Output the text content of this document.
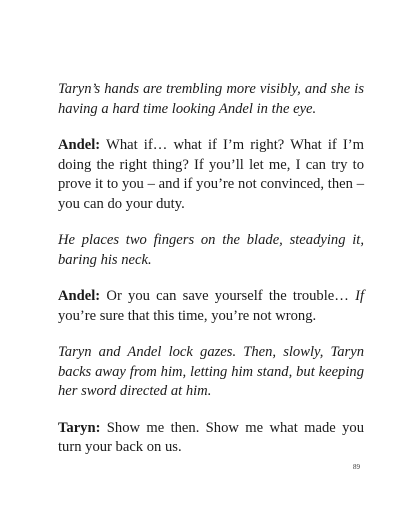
Taryn’s hands are trembling more visibly, and she is having a hard time looking Andel in the eye.

Andel: What if… what if I’m right? What if I’m doing the right thing? If you’ll let me, I can try to prove it to you – and if you’re not convinced, then – you can do your duty.

He places two fingers on the blade, steadying it, baring his neck.

Andel: Or you can save yourself the trouble… If you’re sure that this time, you’re not wrong.

Taryn and Andel lock gazes. Then, slowly, Taryn backs away from him, letting him stand, but keeping her sword directed at him.

Taryn: Show me then. Show me what made you turn your back on us.

89
